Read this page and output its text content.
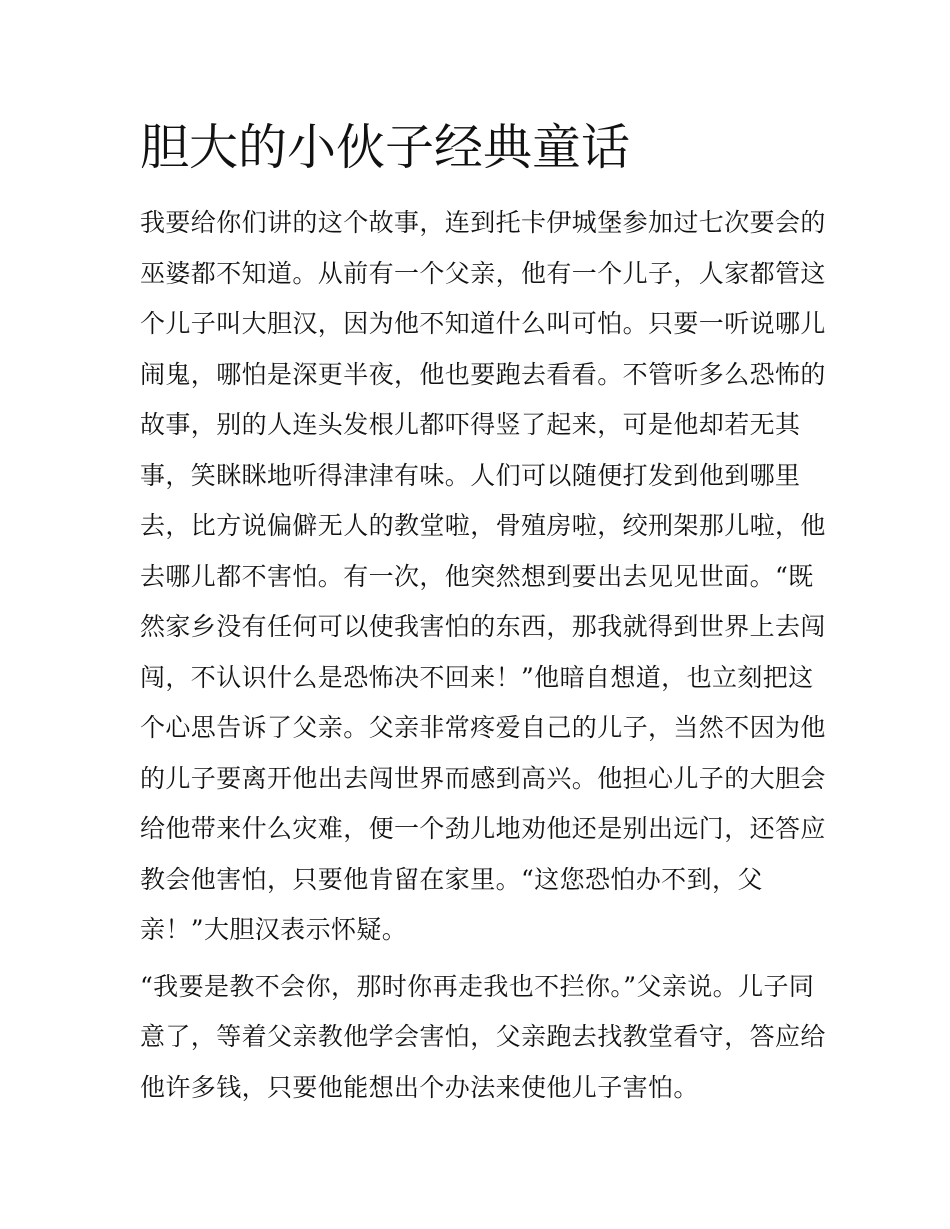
胆大的小伙子经典童话
我要给你们讲的这个故事，连到托卡伊城堡参加过七次要会的
巫婆都不知道。从前有一个父亲，他有一个儿子，人家都管这
个儿子叫大胆汉，因为他不知道什么叫可怕。只要一听说哪儿
闹鬼，哪怕是深更半夜，他也要跑去看看。不管听多么恐怖的
故事，别的人连头发根儿都吓得竖了起来，可是他却若无其
事，笑眯眯地听得津津有味。人们可以随便打发到他到哪里
去，比方说偏僻无人的教堂啦，骨殖房啦，绞刑架那儿啦，他
去哪儿都不害怕。有一次，他突然想到要出去见见世面。“既
然家乡没有任何可以使我害怕的东西，那我就得到世界上去闯
闯，不认识什么是恐怖决不回来！”他暗自想道，也立刻把这
个心思告诉了父亲。父亲非常疼爱自己的儿子，当然不因为他
的儿子要离开他出去闯世界而感到高兴。他担心儿子的大胆会
给他带来什么灾难，便一个劲儿地劝他还是别出远门，还答应
教会他害怕，只要他肯留在家里。“这您恐怕办不到，父
亲！”大胆汉表示怀疑。
“我要是教不会你，那时你再走我也不拦你。”父亲说。儿子同
意了，等着父亲教他学会害怕，父亲跑去找教堂看守，答应给
他许多钱，只要他能想出个办法来使他儿子害怕。
